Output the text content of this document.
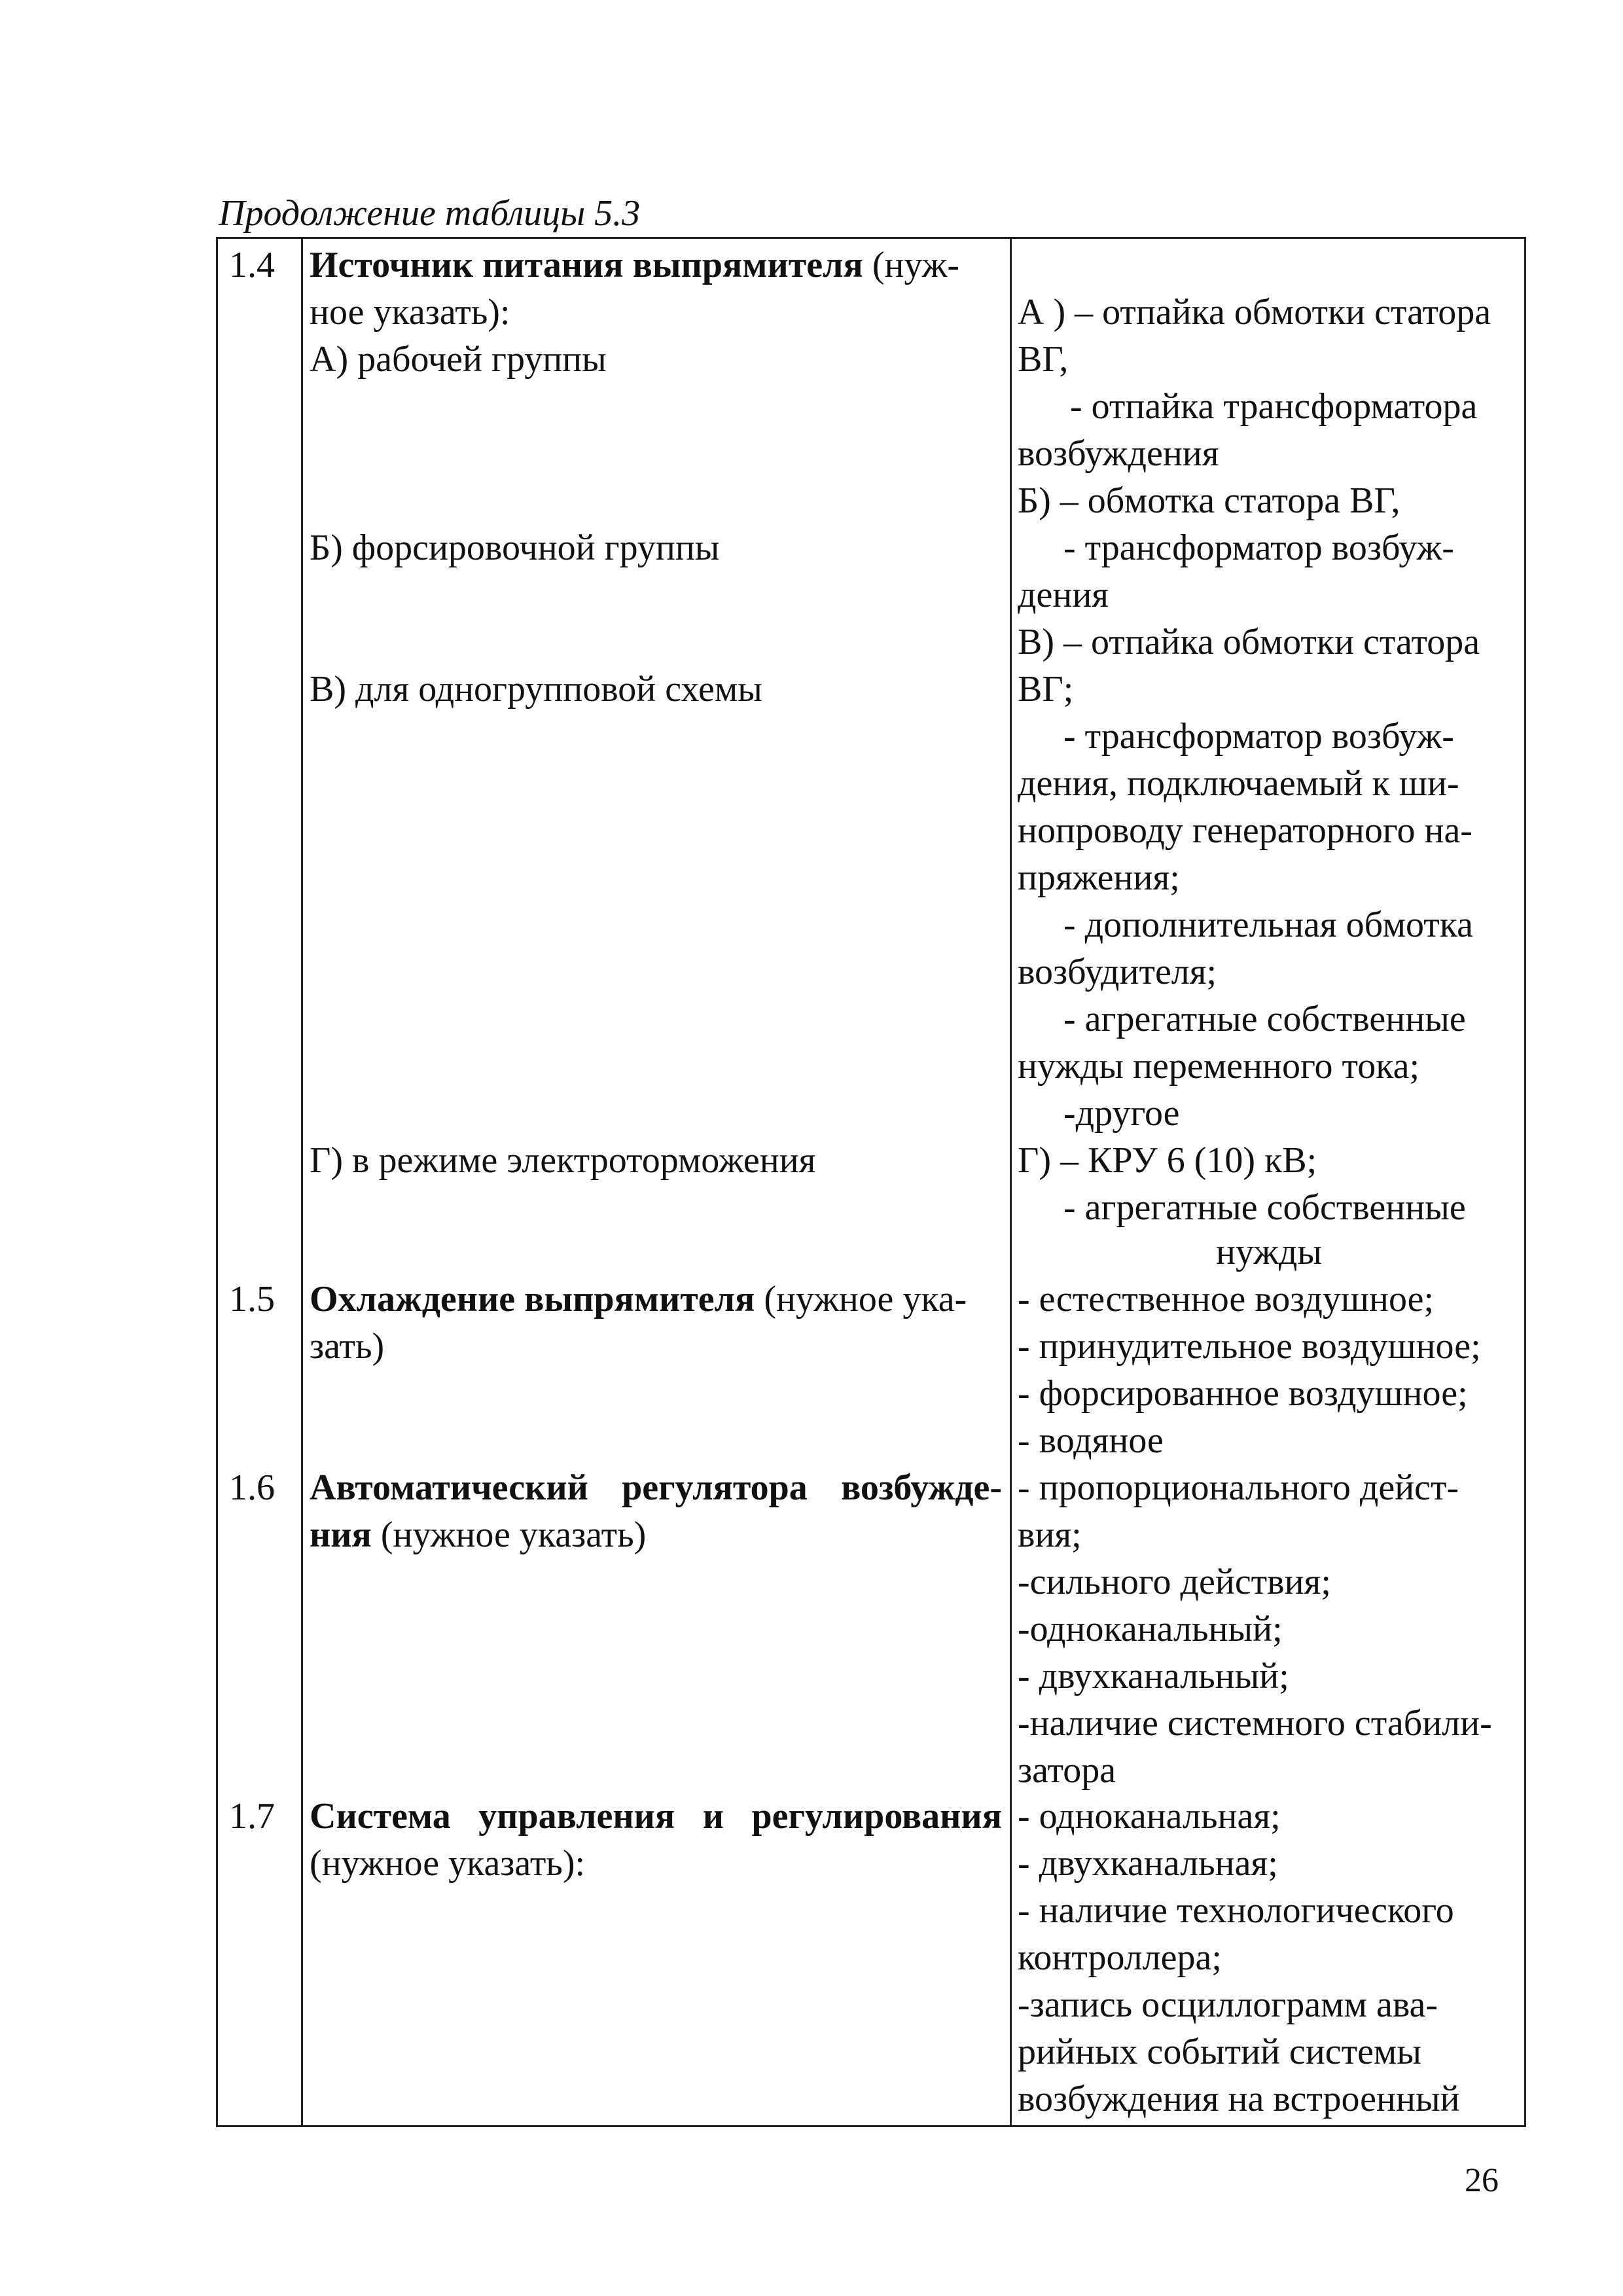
Продолжение таблицы 5.3
1.4 Источник питания выпрямителя (нуж-
ное указать):
А) рабочей группы
Б) форсировочной группы
В) для одногрупповой схемы
Г) в режиме электроторможения
А ) – отпайка обмотки статора
ВГ,
- отпайка трансформатора
возбуждения
Б) – обмотка статора ВГ,
- трансформатор возбуж-
дения
В) – отпайка обмотки статора
ВГ;
- трансформатор возбуж-
дения, подключаемый к ши-
нопроводу генераторного на-
пряжения;
- дополнительная обмотка
возбудителя;
- агрегатные собственные
нужды переменного тока;
-другое
Г) – КРУ 6 (10) кВ;
- агрегатные собственные
нужды
1.5 Охлаждение выпрямителя (нужное ука-
зать)
- естественное воздушное;
- принудительное воздушное;
- форсированное воздушное;
- водяное
1.6 Автоматический регулятора возбужде-
ния (нужное указать)
- пропорционального дейст-
вия;
-сильного действия;
-одноканальный;
- двухканальный;
-наличие системного стабили-
затора
1.7 Система управления и регулирования
(нужное указать):
- одноканальная;
- двухканальная;
- наличие технологического
контроллера;
-запись осциллограмм ава-
рийных событий системы
возбуждения на встроенный
26
